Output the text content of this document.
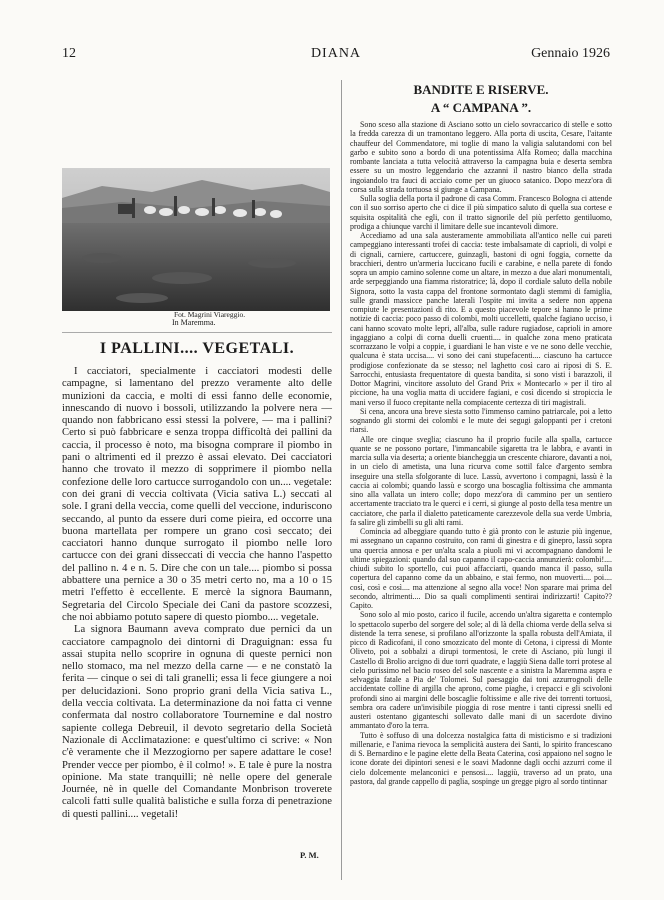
12	DIANA	Gennaio 1926
Fot. Magrini Viareggio.
In Maremma.
I PALLINI.... VEGETALI.

I cacciatori, specialmente i cacciatori modesti delle campagne, si lamentano del prezzo veramente alto delle munizioni da caccia, e molti di essi fanno delle economie, innescando di nuovo i bossoli, utilizzando la polvere nera — quando non fabbricano essi stessi la polvere, — ma i pallini? Certo si può fabbricare e senza troppa difficoltà dei pallini da caccia, il processo è noto, ma bisogna comprare il piombo in pani o altrimenti ed il prezzo è assai elevato. Dei cacciatori hanno che trovato il mezzo di sopprimere il piombo nella confezione delle loro cartucce surrogandolo con un.... vegetale: con dei grani di veccia coltivata (Vicia sativa L.) seccati al sole. I grani della veccia, come quelli del veccione, induriscono seccando, al punto da essere duri come pieira, ed occorre una buona martellata per rompere un grano così seccato; dei cacciatori hanno dunque surrogato il piombo nelle loro cartucce con dei grani disseccati di veccia che hanno l'aspetto del pallino n. 4 e n. 5. Dire che con un tale.... piombo si possa abbattere una pernice a 30 o 35 metri certo no, ma a 10 o 15 metri l'effetto è eccellente. E mercè la signora Baumann, Segretaria del Circolo Speciale dei Cani da pastore scozzesi, che noi abbiamo potuto sapere di questo piombo.... vegetale.

La signora Baumann aveva comprato due pernici da un cacciatore campagnolo dei dintorni di Draguignan: essa fu assai stupita nello scoprire in ognuna di queste pernici non nello stomaco, ma nel mezzo della carne — e ne constatò la ferita — cinque o sei di tali granelli; essa li fece giungere a noi per delucidazioni. Sono proprio grani della Vicia sativa L., della veccia coltivata. La determinazione da noi fatta ci venne confermata dal nostro collaboratore Tournemine e dal nostro sapiente collega Debreuil, il devoto segretario della Società Nazionale di Acclimatazione: e quest'ultimo ci scrive: « Non c'è veramente che il Mezzogiorno per sapere adattare le cose! Prender vecce per piombo, è il colmo! ». E tale è pure la nostra opinione. Ma state tranquilli; nè nelle opere del generale Journée, nè in quelle del Comandante Monbrison troverete calcoli fatti sulle qualità balistiche e sulla forza di penetrazione di questi pallini.... vegetali!

P. M.
BANDITE E RISERVE.
A “ CAMPANA ”.

Sono sceso alla stazione di Asciano sotto un cielo sovraccarico di stelle e sotto la fredda carezza di un tramontano leggero. Alla porta di uscita, Cesare, l'aitante chauffeur del Commendatore, mi toglie di mano la valigia salutandomi con bel garbo e subito sono a bordo di una potentissima Alfa Romeo; dalla macchina rombante lanciata a tutta velocità attraverso la campagna buia e deserta sembra essere su un mostro leggendario che azzanni il nastro bianco della strada ingoiandolo tra fauci di acciaio come per un giuoco satanico. Dopo mezz'ora di corsa sulla strada tortuosa si giunge a Campana.

Sulla soglia della porta il padrone di casa Comm. Francesco Bologna ci attende con il suo sorriso aperto che ci dice il più simpatico saluto di quella sua cortese e squisita ospitalità che egli, con il tratto signorile del più perfetto gentiluomo, prodiga a chiunque varchi il limitare delle sue incantevoli dimore.

Accediamo ad una sala austeramente ammobiliata all'antico nelle cui pareti campeggiano interessanti trofei di caccia: teste imbalsamate di caprioli, di volpi e di cignali, carniere, cartuccere, guinzagli, bastoni di ogni foggia, cornette da bracchieri, dentro un'armeria luccicano fucili e carabine, e nella parete di fondo sopra un ampio camino solenne come un altare, in mezzo a due alari monumentali, arde serpeggiando una fiamma ristoratrice; là, dopo il cordiale saluto della nobile Signora, sotto la vasta cappa del frontone sormontato dagli stemmi di famiglia, sulle grandi massicce panche laterali l'ospite mi invita a sedere non appena compiute le presentazioni di rito. E a questo piacevole tepore si hanno le prime notizie di caccia: poco passo di colombi, molti uccelletti, qualche fagiano ucciso, i cani hanno scovato molte lepri, all'alba, sulle radure rugiadose, caprioli in amore ingaggiano a colpi di corna duelli cruenti.... in qualche zona meno praticata scorrazzano le volpi a coppie, i guardiani le han viste e ve ne sono delle vecchie, qualcuna è stata uccisa.... vi sono dei cani stupefacenti.... ciascuno ha cartucce prodigiose confezionate da se stesso; nel laghetto così caro ai riposi di S. E. Sarrocchi, entusiasta frequentatore di questa bandita, si sono visti i barazzoli, il Dottor Magrini, vincitore assoluto del Grand Prix « Montecarlo » per il tiro al piccione, ha una voglia matta di uccidere fagiani, e così dicendo si stropiccia le mani verso il fuoco crepitante nella compiacente certezza di tiri magistrali.

Si cena, ancora una breve siesta sotto l'immenso camino patriarcale, poi a letto sognando gli stormi dei colombi e le mute dei segugi galoppanti per i cretoni riarsi.

Alle ore cinque sveglia; ciascuno ha il proprio fucile alla spalla, cartucce quante se ne possono portare, l'immancabile sigaretta tra le labbra, e avanti in marcia sulla via deserta; a oriente biancheggia un crescente chiarore, davanti a noi, in un cielo di ametista, una luna ricurva come sottil falce d'argento sembra inseguire una stella sfolgorante di luce. Lassù, avvertono i compagni, lassù è la caccia ai colombi; quando lassù e scorgo una boscaglia foltissima che ammanta sino alla vallata un intero colle; dopo mezz'ora di cammino per un sentiero accertamente tracciato tra le querci e i cerri, si giunge al posto della tesa mentre un cacciatore, che parla il dialetto pateticamente carezzevole della sua verde Umbria, fa salire gli zimbelli su gli alti rami.

Comincia ad albeggiare quando tutto è già pronto con le astuzie più ingenue, mi assegnano un capanno costruito, con rami di ginestra e di ginepro, lassù sopra una quercia annosa e per un'alta scala a piuoli mi vi accompagnano dandomi le ultime spiegazioni: quando dal suo capanno il capo-caccia annunzierà: colombi!.... chiudi subito lo sportello, cui puoi affacciarti, quando manca il passo, sulla copertura del capanno come da un abbaino, e stai fermo, non muoverti.... poi.... così, così e così.... ma attenzione al segno alla voce! Non sparare mai prima del secondo, altrimenti.... Dio sa quali complimenti sentirai indirizzarti! Capito?? Capito.

Sono solo al mio posto, carico il fucile, accendo un'altra sigaretta e contemplo lo spettacolo superbo del sorgere del sole; al di là della chioma verde della selva si distende la terra senese, si profilano all'orizzonte la spalla robusta dell'Amiata, il picco di Radicofani, il cono smozzicato del monte di Cetona, i cipressi di Monte Oliveto, poi a sobbalzi a dirupi tormentosi, le crete di Asciano, più lungi il Castello di Brolio arcigno di due torri quadrate, e laggiù Siena dalle torri protese al cielo purissimo nel bacio roseo del sole nascente e a sinistra la Maremma aspra e selvaggia fatale a Pia de' Tolomei. Sul paesaggio dai toni azzurrognoli delle accidentate colline di argilla che aprono, come piaghe, i crepacci e gli scivoloni profondi sino ai margini delle boscaglie foltissime e alle rive dei torrenti tortuosi, sembra ora cadere un'invisibile pioggia di rose mentre i tanti cipressi snelli ed austeri ostentano giganteschi sollevato dalle mani di un sacerdote divino ammantato d'oro la terra.

Tutto è soffuso di una dolcezza nostalgica fatta di misticismo e si tradizioni millenarie, e l'anima rievoca la semplicità austera dei Santi, lo spirito francescano di S. Bernardino e le pagine elette della Beata Caterina, così appaiono nel sogno le icone dorate dei dipintori senesi e le soavi Madonne dagli occhi azzurri come il cielo dolcemente melanconici e pensosi.... laggiù, traverso ad un prato, una pastora, dal grande cappello di paglia, sospinge un gregge pigro al sordo tintinnar
